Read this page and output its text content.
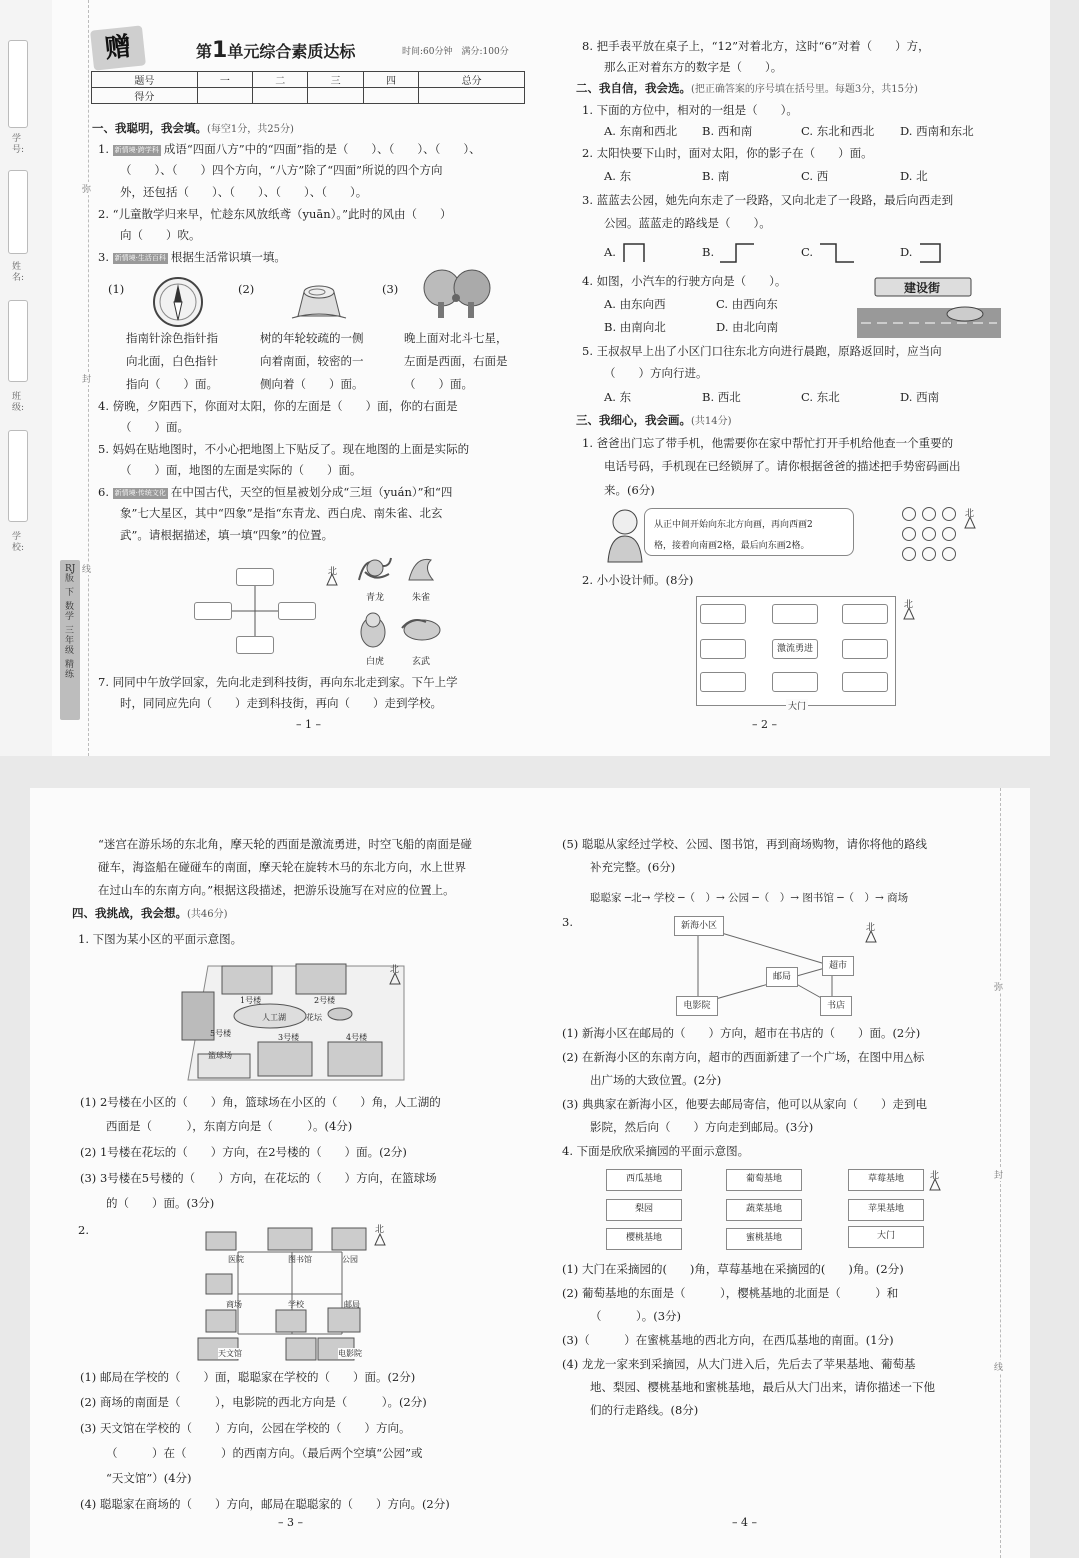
学号:
姓名:
班级:
学校:
RJ版
下
数学
三年级
精练
弥
封
线
赠	第1单元综合素质达标	时间:60分钟　满分:100分
题号	一	二	三	四	总分
得分					
一、我聪明，我会填。(每空1分，共25分)
1. 新情境·跨学科 成语“四面八方”中的“四面”指的是（　　）、（　　）、（　　）、
（　　）、（　　）四个方向，“八方”除了“四面”所说的四个方向
外，还包括（　　）、（　　）、（　　）、（　　）。
2. “儿童散学归来早，忙趁东风放纸鸢（yuān）。”此时的风由（　　）
向（　　）吹。
3. 新情境·生活百科 根据生活常识填一填。
(1)	(2)	(3)
指南针涂色指针指
向北面，白色指针
指向（　　）面。
树的年轮较疏的一侧
向着南面，较密的一
侧向着（　　）面。
晚上面对北斗七星，
左面是西面，右面是
（　　）面。
4. 傍晚，夕阳西下，你面对太阳，你的左面是（　　）面，你的右面是
（　　）面。
5. 妈妈在贴地图时，不小心把地图上下贴反了。现在地图的上面是实际的
（　　）面，地图的左面是实际的（　　）面。
6. 新情境·传统文化 在中国古代，天空的恒星被划分成“三垣（yuán）”和“四
象”七大星区，其中“四象”是指“东青龙、西白虎、南朱雀、北玄
武”。请根据描述，填一填“四象”的位置。
北
青龙	朱雀
白虎	玄武
7. 同同中午放学回家，先向北走到科技街，再向东北走到家。下午上学
时，同同应先向（　　）走到科技街，再向（　　）走到学校。
– 1 –
8. 把手表平放在桌子上，“12”对着北方，这时“6”对着（　　）方，
那么正对着东方的数字是（　　）。
二、我自信，我会选。(把正确答案的序号填在括号里。每题3分，共15分)
1. 下面的方位中，相对的一组是（　　）。
A. 东南和西北 B. 西和南	C. 东北和西北 D. 西南和东北
2. 太阳快要下山时，面对太阳，你的影子在（　　）面。
A. 东	B. 南	C. 西	D. 北
3. 蓝蓝去公园，她先向东走了一段路，又向北走了一段路，最后向西走到
公园。蓝蓝走的路线是（　　）。
A.	B.	C.	D.
4. 如图，小汽车的行驶方向是（　　）。
A. 由东向西	C. 由西向东
B. 由南向北	D. 由北向南
建设街
5. 王叔叔早上出了小区门口往东北方向进行晨跑，原路返回时，应当向
（　　）方向行进。
A. 东	B. 西北	C. 东北	D. 西南
三、我细心，我会画。(共14分)
1. 爸爸出门忘了带手机，他需要你在家中帮忙打开手机给他查一个重要的
电话号码，手机现在已经锁屏了。请你根据爸爸的描述把手势密码画出
来。(6分)
从正中间开始向东北方向画，再向西画2
格，接着向南画2格，最后向东画2格。
北
2. 小小设计师。(8分)
激流勇进
大门
北
– 2 –
弥
封
线
“迷宫在游乐场的东北角，摩天轮的西面是激流勇进，时空飞船的南面是碰
碰车，海盗船在碰碰车的南面，摩天轮在旋转木马的东北方向，水上世界
在过山车的东南方向。”根据这段描述，把游乐设施写在对应的位置上。
四、我挑战，我会想。(共46分)
1. 下图为某小区的平面示意图。
1号楼	2号楼
人工湖	花坛
5号楼
篮球场
3号楼	4号楼
北
(1) 2号楼在小区的（　　）角，篮球场在小区的（　　）角，人工湖的
西面是（　　　），东南方向是（　　　）。(4分)
(2) 1号楼在花坛的（　　）方向，在2号楼的（　　）面。(2分)
(3) 3号楼在5号楼的（　　）方向，在花坛的（　　）方向，在篮球场
的（　　）面。(3分)
2.
医院	图书馆	公园
商场	学校	邮局
天文馆	电影院
北
(1) 邮局在学校的（　　）面，聪聪家在学校的（　　）面。(2分)
(2) 商场的南面是（　　　），电影院的西北方向是（　　　）。(2分)
(3) 天文馆在学校的（　　）方向，公园在学校的（　　）方向。
（　　　）在（　　　）的西南方向。（最后两个空填“公园”或
“天文馆”）(4分)
(4) 聪聪家在商场的（　　）方向，邮局在聪聪家的（　　）方向。(2分)
– 3 –
(5) 聪聪从家经过学校、公园、图书馆，再到商场购物，请你将他的路线
补充完整。(6分)
聪聪家 ─北→ 学校 ─（　）→ 公园 ─（　）→ 图书馆 ─（　）→ 商场
3.	新海小区
邮局
超市
电影院	书店
北
(1) 新海小区在邮局的（　　）方向，超市在书店的（　　）面。(2分)
(2) 在新海小区的东南方向，超市的西面新建了一个广场，在图中用△标
出广场的大致位置。(2分)
(3) 典典家在新海小区，他要去邮局寄信，他可以从家向（　　）走到电
影院，然后向（　　）方向走到邮局。(3分)
4. 下面是欣欣采摘园的平面示意图。
西瓜基地	葡萄基地	草莓基地
梨园	蔬菜基地	苹果基地
樱桃基地	蜜桃基地	大门
北
(1) 大门在采摘园的(　　)角，草莓基地在采摘园的(　　)角。(2分)
(2) 葡萄基地的东面是（　　　），樱桃基地的北面是（　　　）和
（　　　）。(3分)
(3)（　　　）在蜜桃基地的西北方向，在西瓜基地的南面。(1分)
(4) 龙龙一家来到采摘园，从大门进入后，先后去了苹果基地、葡萄基
地、梨园、樱桃基地和蜜桃基地，最后从大门出来，请你描述一下他
们的行走路线。(8分)
– 4 –
